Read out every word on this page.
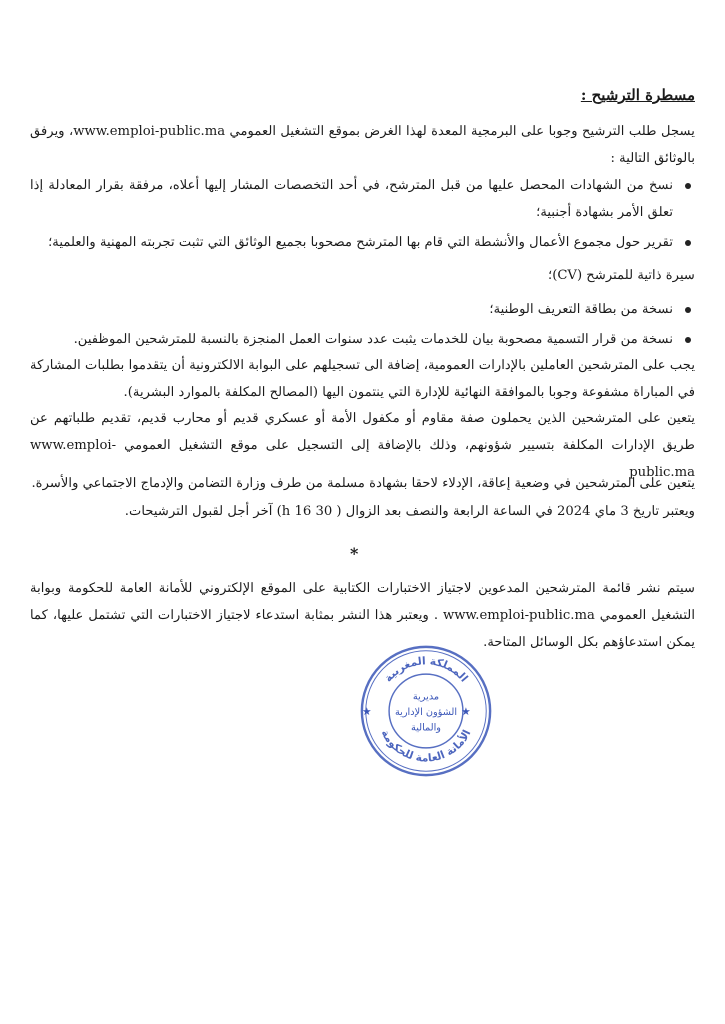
مسطرة الترشيح :

يسجل طلب الترشيح وجوبا على البرمجية المعدة لهذا الغرض بموقع التشغيل العمومي www.emploi-public.ma، ويرفق بالوثائق التالية :

نسخ من الشهادات المحصل عليها من قبل المترشح، في أحد التخصصات المشار إليها أعلاه، مرفقة بقرار المعادلة إذا تعلق الأمر بشهادة أجنبية؛
تقرير حول مجموع الأعمال والأنشطة التي قام بها المترشح مصحوبا بجميع الوثائق التي تثبت تجربته المهنية والعلمية؛
سيرة ذاتية للمترشح (CV)؛
نسخة من بطاقة التعريف الوطنية؛
نسخة من قرار التسمية مصحوبة بيان للخدمات يثبت عدد سنوات العمل المنجزة بالنسبة للمترشحين الموظفين.

يجب على المترشحين العاملين بالإدارات العمومية، إضافة الى تسجيلهم على البوابة الالكترونية أن يتقدموا بطلبات المشاركة في المباراة مشفوعة وجوبا بالموافقة النهائية للإدارة التي ينتمون اليها (المصالح المكلفة بالموارد البشرية).

يتعين على المترشحين الذين يحملون صفة مقاوم أو مكفول الأمة أو عسكري قديم أو محارب قديم، تقديم طلباتهم عن طريق الإدارات المكلفة بتسيير شؤونهم، وذلك بالإضافة إلى التسجيل على موقع التشغيل العمومي www.emploi-public.ma

يتعين على المترشحين في وضعية إعاقة، الإدلاء لاحقا بشهادة مسلمة من طرف وزارة التضامن والإدماج الاجتماعي والأسرة.

ويعتبر تاريخ 3 ماي 2024 في الساعة الرابعة والنصف بعد الزوال ( 30 h 16) آخر أجل لقبول الترشيحات.

*

سيتم نشر قائمة المترشحين المدعوين لاجتياز الاختبارات الكتابية على الموقع الإلكتروني للأمانة العامة للحكومة وبوابة التشغيل العمومي www.emploi-public.ma . ويعتبر هذا النشر بمثابة استدعاء لاجتياز الاختبارات التي تشتمل عليها، كما يمكن استدعاؤهم بكل الوسائل المتاحة.

★	★
المملكة المغربية
الأمانة العامة للحكومة
مديرية
الشؤون الإدارية
والمالية
